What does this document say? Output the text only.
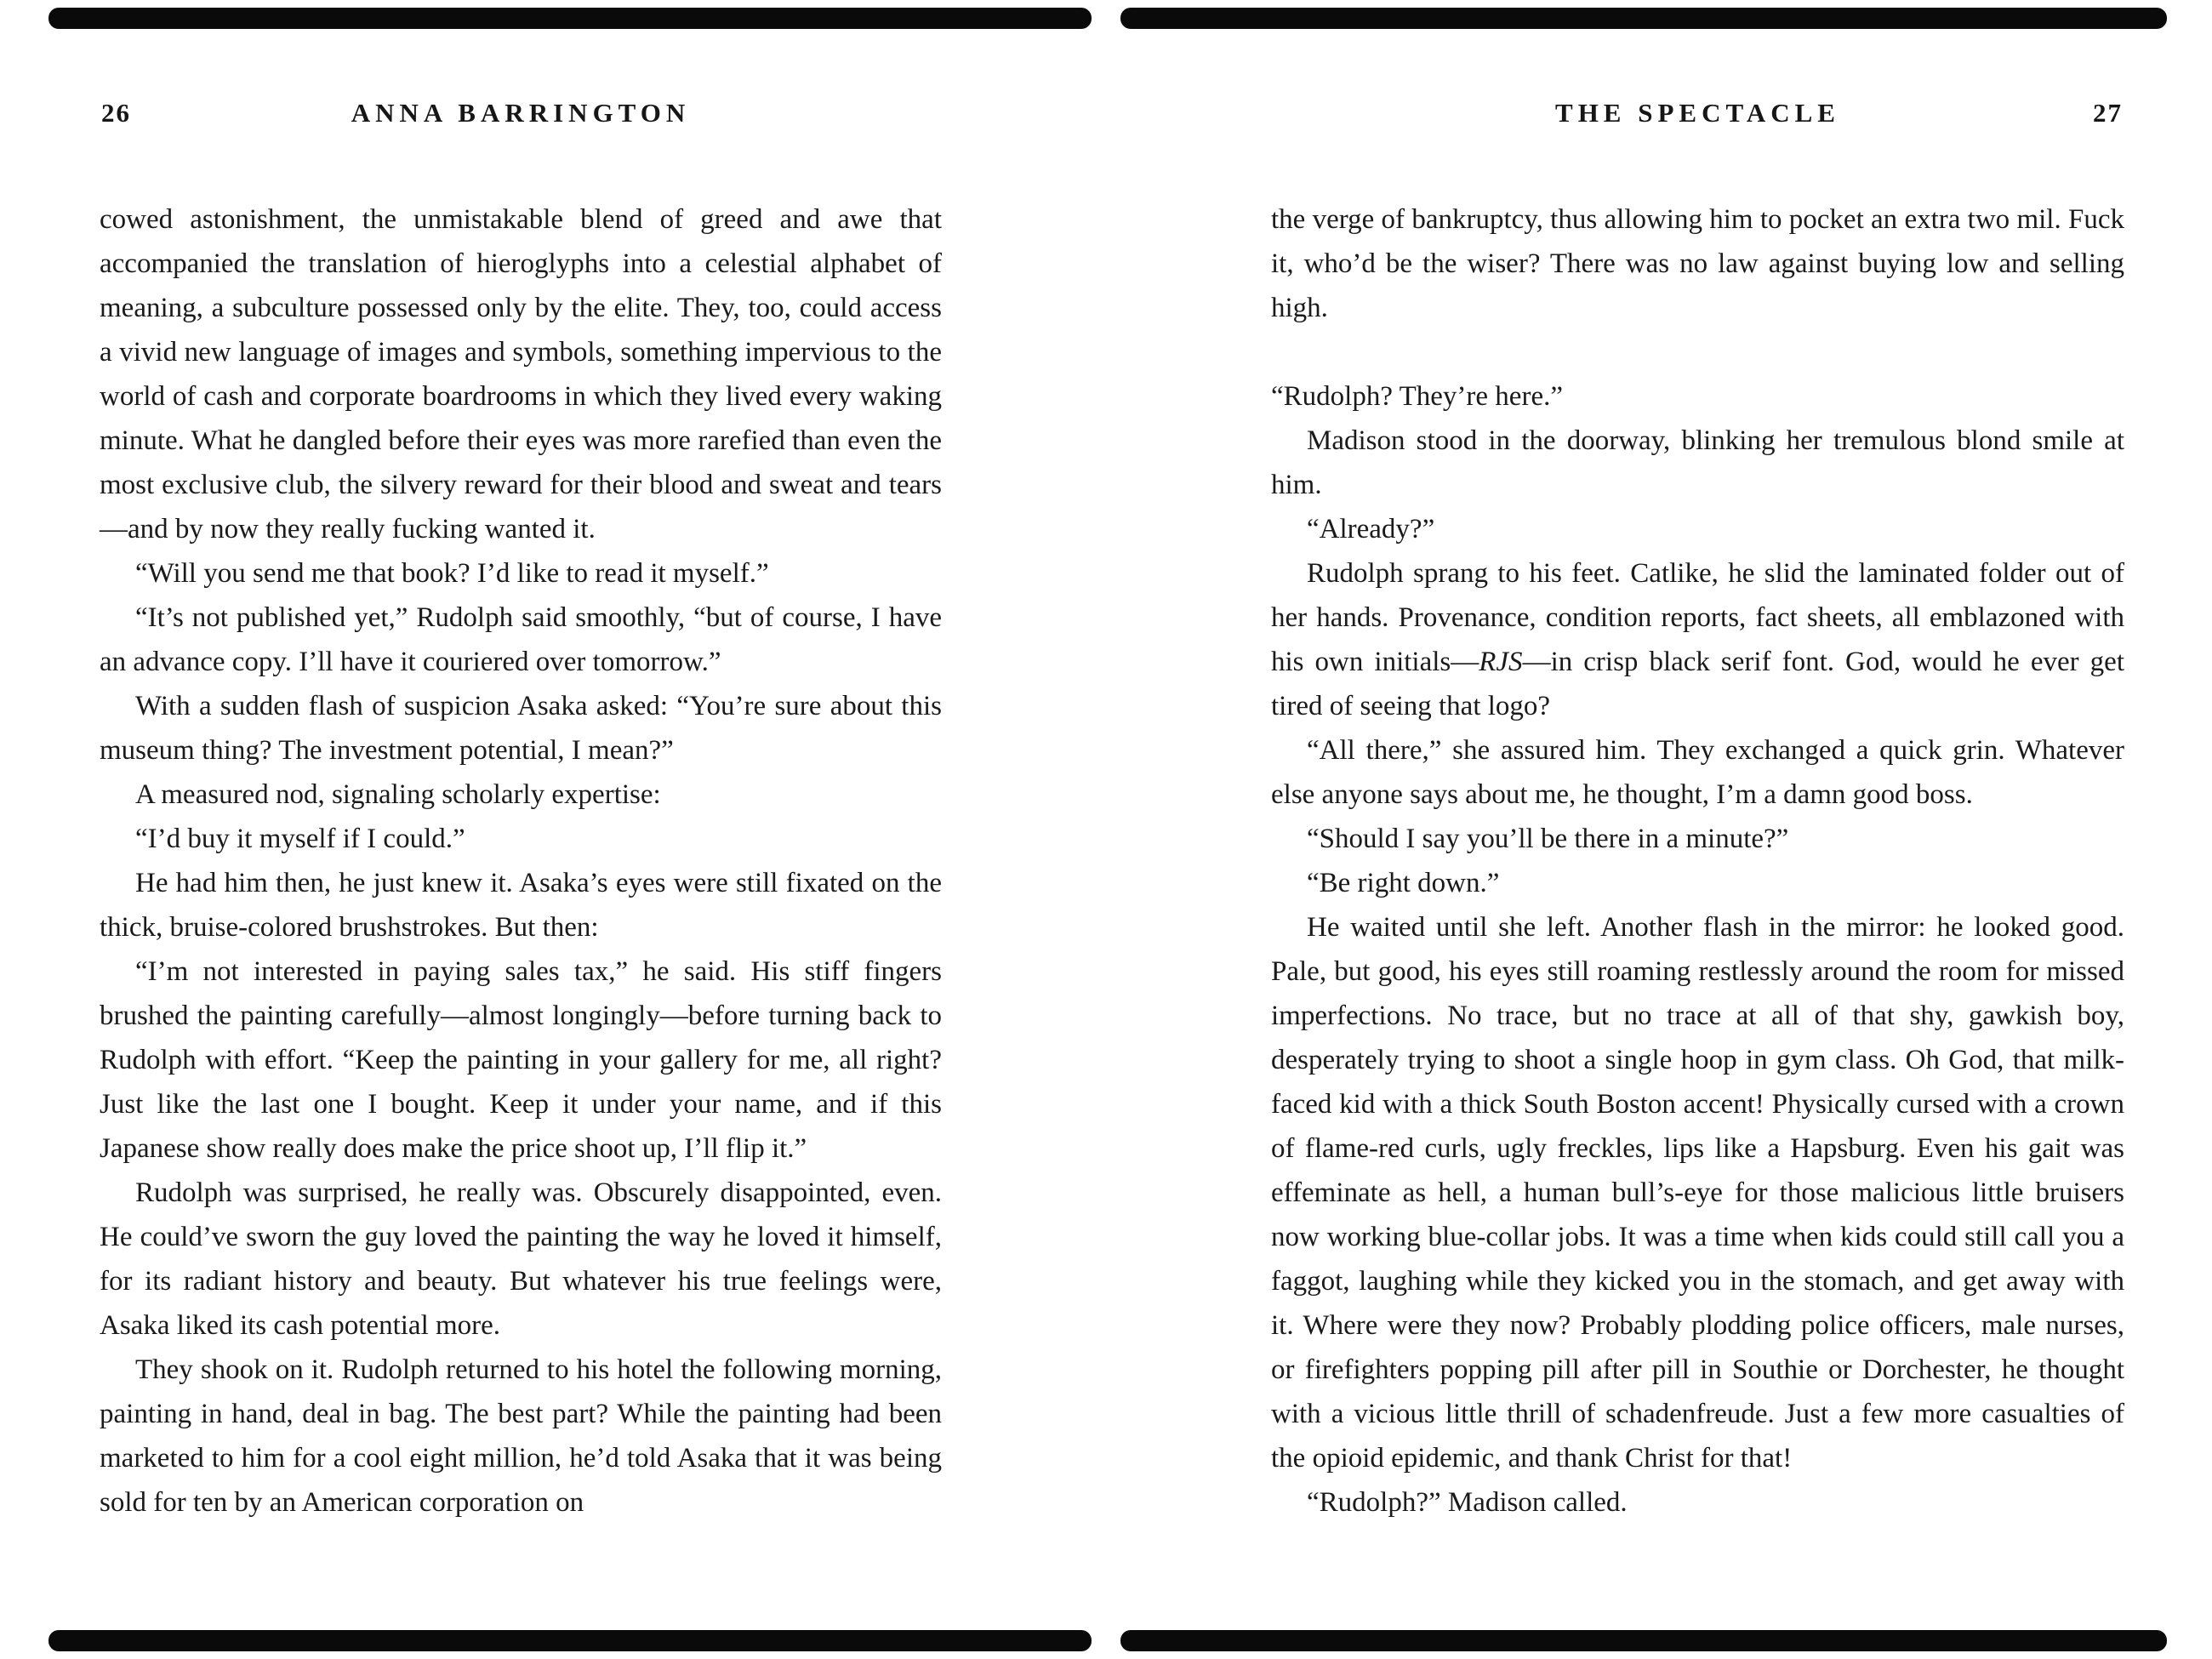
26	ANNA BARRINGTON

cowed astonishment, the unmistakable blend of greed and awe that accompanied the translation of hieroglyphs into a celestial alphabet of meaning, a subculture possessed only by the elite. They, too, could access a vivid new language of images and symbols, something impervious to the world of cash and corporate boardrooms in which they lived every waking minute. What he dangled before their eyes was more rarefied than even the most exclusive club, the silvery reward for their blood and sweat and tears—and by now they really fucking wanted it.

“Will you send me that book? I’d like to read it myself.”

“It’s not published yet,” Rudolph said smoothly, “but of course, I have an advance copy. I’ll have it couriered over tomorrow.”

With a sudden flash of suspicion Asaka asked: “You’re sure about this museum thing? The investment potential, I mean?”

A measured nod, signaling scholarly expertise:

“I’d buy it myself if I could.”

He had him then, he just knew it. Asaka’s eyes were still fixated on the thick, bruise-colored brushstrokes. But then:

“I’m not interested in paying sales tax,” he said. His stiff fingers brushed the painting carefully—almost longingly—before turning back to Rudolph with effort. “Keep the painting in your gallery for me, all right? Just like the last one I bought. Keep it under your name, and if this Japanese show really does make the price shoot up, I’ll flip it.”

Rudolph was surprised, he really was. Obscurely disappointed, even. He could’ve sworn the guy loved the painting the way he loved it himself, for its radiant history and beauty. But whatever his true feelings were, Asaka liked its cash potential more.

They shook on it. Rudolph returned to his hotel the following morning, painting in hand, deal in bag. The best part? While the painting had been marketed to him for a cool eight million, he’d told Asaka that it was being sold for ten by an American corporation on

THE SPECTACLE	27

the verge of bankruptcy, thus allowing him to pocket an extra two mil. Fuck it, who’d be the wiser? There was no law against buying low and selling high.

“Rudolph? They’re here.”

Madison stood in the doorway, blinking her tremulous blond smile at him.

“Already?”

Rudolph sprang to his feet. Catlike, he slid the laminated folder out of her hands. Provenance, condition reports, fact sheets, all emblazoned with his own initials—RJS—in crisp black serif font. God, would he ever get tired of seeing that logo?

“All there,” she assured him. They exchanged a quick grin. Whatever else anyone says about me, he thought, I’m a damn good boss.

“Should I say you’ll be there in a minute?”

“Be right down.”

He waited until she left. Another flash in the mirror: he looked good. Pale, but good, his eyes still roaming restlessly around the room for missed imperfections. No trace, but no trace at all of that shy, gawkish boy, desperately trying to shoot a single hoop in gym class. Oh God, that milk-faced kid with a thick South Boston accent! Physically cursed with a crown of flame-red curls, ugly freckles, lips like a Hapsburg. Even his gait was effeminate as hell, a human bull’s-eye for those malicious little bruisers now working blue-collar jobs. It was a time when kids could still call you a faggot, laughing while they kicked you in the stomach, and get away with it. Where were they now? Probably plodding police officers, male nurses, or firefighters popping pill after pill in Southie or Dorchester, he thought with a vicious little thrill of schadenfreude. Just a few more casualties of the opioid epidemic, and thank Christ for that!

“Rudolph?” Madison called.
